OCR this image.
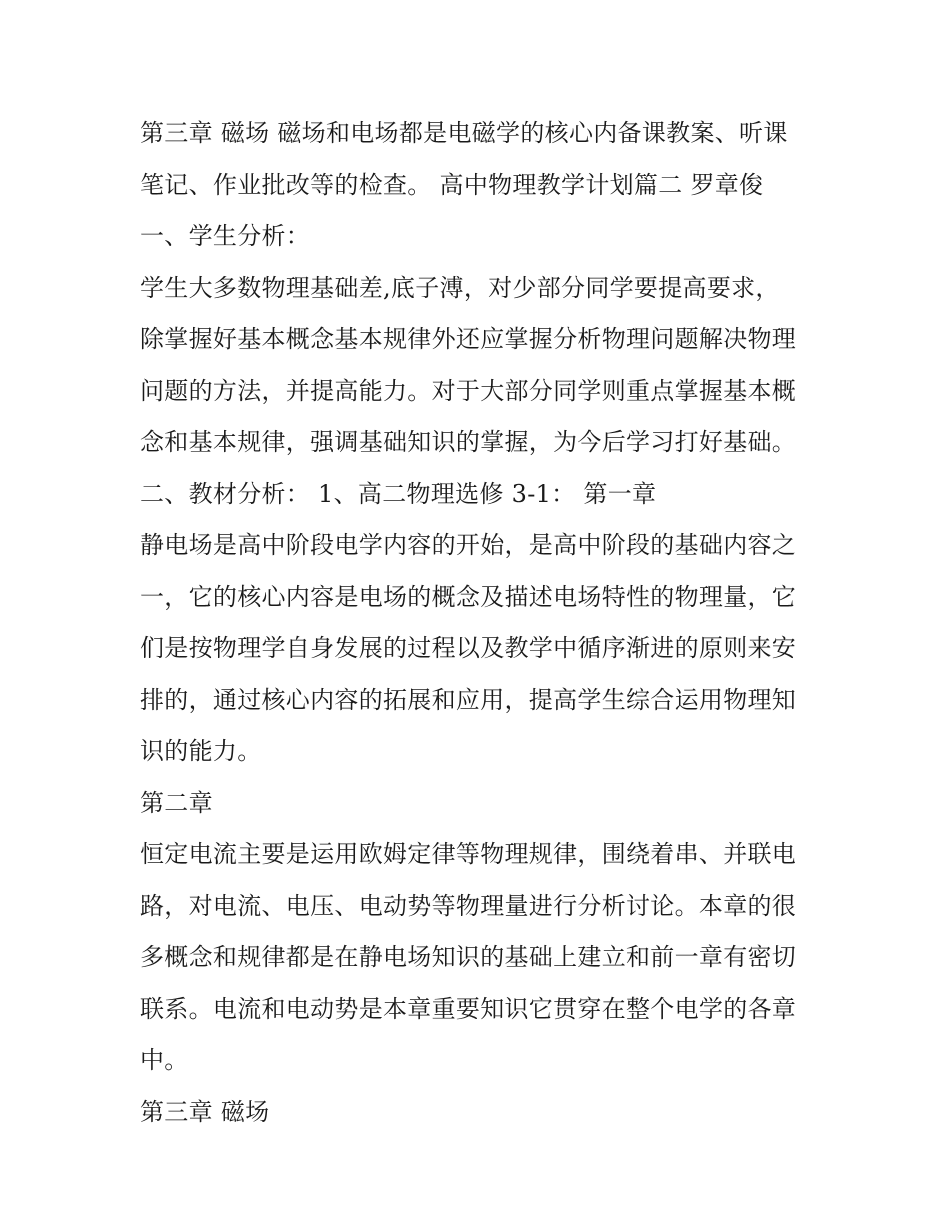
第三章 磁场 磁场和电场都是电磁学的核心内备课教案、听课
笔记、作业批改等的检查。 高中物理教学计划篇二 罗章俊
一、学生分析：
学生大多数物理基础差,底子溥，对少部分同学要提高要求，
除掌握好基本概念基本规律外还应掌握分析物理问题解决物理
问题的方法，并提高能力。对于大部分同学则重点掌握基本概
念和基本规律，强调基础知识的掌握，为今后学习打好基础。
二、教材分析： 1、高二物理选修 3-1： 第一章
静电场是高中阶段电学内容的开始，是高中阶段的基础内容之
一，它的核心内容是电场的概念及描述电场特性的物理量，它
们是按物理学自身发展的过程以及教学中循序渐进的原则来安
排的，通过核心内容的拓展和应用，提高学生综合运用物理知
识的能力。
第二章
恒定电流主要是运用欧姆定律等物理规律，围绕着串、并联电
路，对电流、电压、电动势等物理量进行分析讨论。本章的很
多概念和规律都是在静电场知识的基础上建立和前一章有密切
联系。电流和电动势是本章重要知识它贯穿在整个电学的各章
中。
第三章 磁场
